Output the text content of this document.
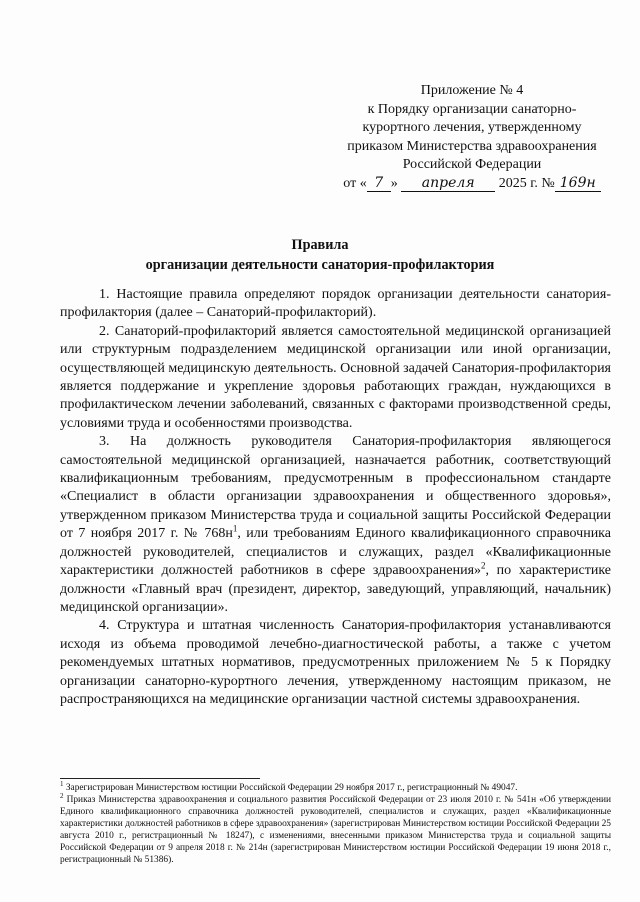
Приложение № 4
к Порядку организации санаторно-
курортного лечения, утвержденному
приказом Министерства здравоохранения
Российской Федерации
от « 7 » апреля 2025 г. № 169н
Правила
организации деятельности санатория-профилактория

1. Настоящие правила определяют порядок организации деятельности санатория-профилактория (далее – Санаторий-профилакторий).

2. Санаторий-профилакторий является самостоятельной медицинской организацией или структурным подразделением медицинской организации или иной организации, осуществляющей медицинскую деятельность. Основной задачей Санатория-профилактория является поддержание и укрепление здоровья работающих граждан, нуждающихся в профилактическом лечении заболеваний, связанных с факторами производственной среды, условиями труда и особенностями производства.

3. На должность руководителя Санатория-профилактория являющегося самостоятельной медицинской организацией, назначается работник, соответствующий квалификационным требованиям, предусмотренным в профессиональном стандарте «Специалист в области организации здравоохранения и общественного здоровья», утвержденном приказом Министерства труда и социальной защиты Российской Федерации от 7 ноября 2017 г. № $768н^1$, или требованиям Единого квалификационного справочника должностей руководителей, специалистов и служащих, раздел «Квалификационные характеристики должностей работников в сфере здравоохранения»$^2$, по характеристике должности «Главный врач (президент, директор, заведующий, управляющий, начальник) медицинской организации».

4. Структура и штатная численность Санатория-профилактория устанавливаются исходя из объема проводимой лечебно-диагностической работы, а также с учетом рекомендуемых штатных нормативов, предусмотренных приложением № 5 к Порядку организации санаторно-курортного лечения, утвержденному настоящим приказом, не распространяющихся на медицинские организации частной системы здравоохранения.

$^1$ Зарегистрирован Министерством юстиции Российской Федерации 29 ноября 2017 г., регистрационный № 49047.

$^2$ Приказ Министерства здравоохранения и социального развития Российской Федерации от 23 июля 2010 г. № 541н «Об утверждении Единого квалификационного справочника должностей руководителей, специалистов и служащих, раздел «Квалификационные характеристики должностей работников в сфере здравоохранения» (зарегистрирован Министерством юстиции Российской Федерации 25 августа 2010 г., регистрационный № 18247), с изменениями, внесенными приказом Министерства труда и социальной защиты Российской Федерации от 9 апреля 2018 г. № 214н (зарегистрирован Министерством юстиции Российской Федерации 19 июня 2018 г., регистрационный № 51386).
